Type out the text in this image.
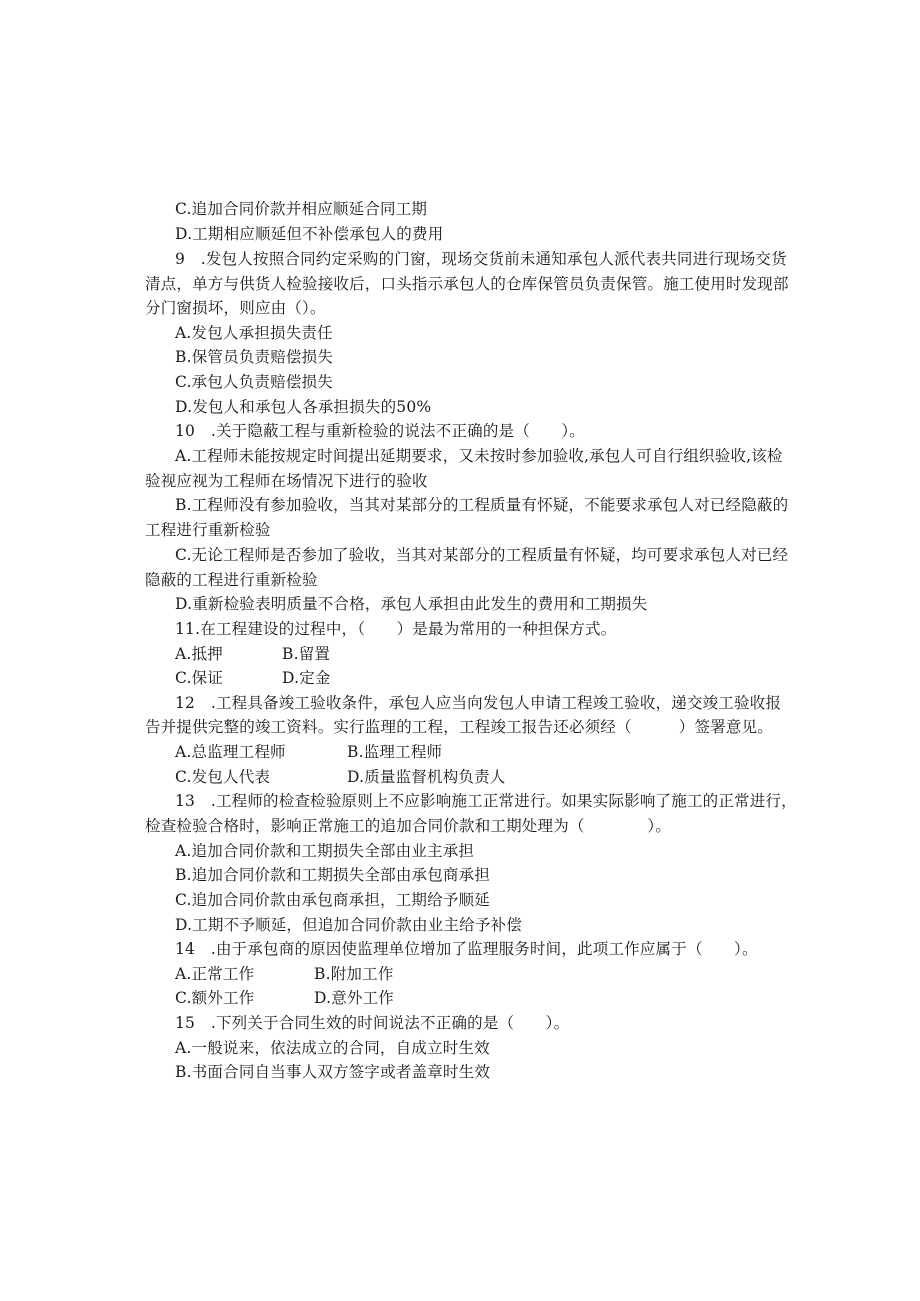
C.追加合同价款并相应顺延合同工期
D.工期相应顺延但不补偿承包人的费用
9　.发包人按照合同约定采购的门窗，现场交货前未通知承包人派代表共同进行现场交货
清点，单方与供货人检验接收后，口头指示承包人的仓库保管员负责保管。施工使用时发现部
分门窗损坏，则应由（）。
A.发包人承担损失责任
B.保管员负责赔偿损失
C.承包人负责赔偿损失
D.发包人和承包人各承担损失的50%
10　.关于隐蔽工程与重新检验的说法不正确的是（　　）。
A.工程师未能按规定时间提出延期要求，又未按时参加验收,承包人可自行组织验收,该检
验视应视为工程师在场情况下进行的验收
B.工程师没有参加验收，当其对某部分的工程质量有怀疑，不能要求承包人对已经隐蔽的
工程进行重新检验
C.无论工程师是否参加了验收，当其对某部分的工程质量有怀疑，均可要求承包人对已经
隐蔽的工程进行重新检验
D.重新检验表明质量不合格，承包人承担由此发生的费用和工期损失
11.在工程建设的过程中，（　　）是最为常用的一种担保方式。
A.抵押	B.留置
C.保证	D.定金
12　.工程具备竣工验收条件，承包人应当向发包人申请工程竣工验收，递交竣工验收报
告并提供完整的竣工资料。实行监理的工程，工程竣工报告还必须经（　　　）签署意见。
A.总监理工程师	B.监理工程师
C.发包人代表	D.质量监督机构负责人
13　.工程师的检查检验原则上不应影响施工正常进行。如果实际影响了施工的正常进行，
检查检验合格时，影响正常施工的追加合同价款和工期处理为（　　　　）。
A.追加合同价款和工期损失全部由业主承担
B.追加合同价款和工期损失全部由承包商承担
C.追加合同价款由承包商承担，工期给予顺延
D.工期不予顺延，但追加合同价款由业主给予补偿
14　.由于承包商的原因使监理单位增加了监理服务时间，此项工作应属于（　　）。
A.正常工作	B.附加工作
C.额外工作	D.意外工作
15　.下列关于合同生效的时间说法不正确的是（　　）。
A.一般说来，依法成立的合同，自成立时生效
B.书面合同自当事人双方签字或者盖章时生效
